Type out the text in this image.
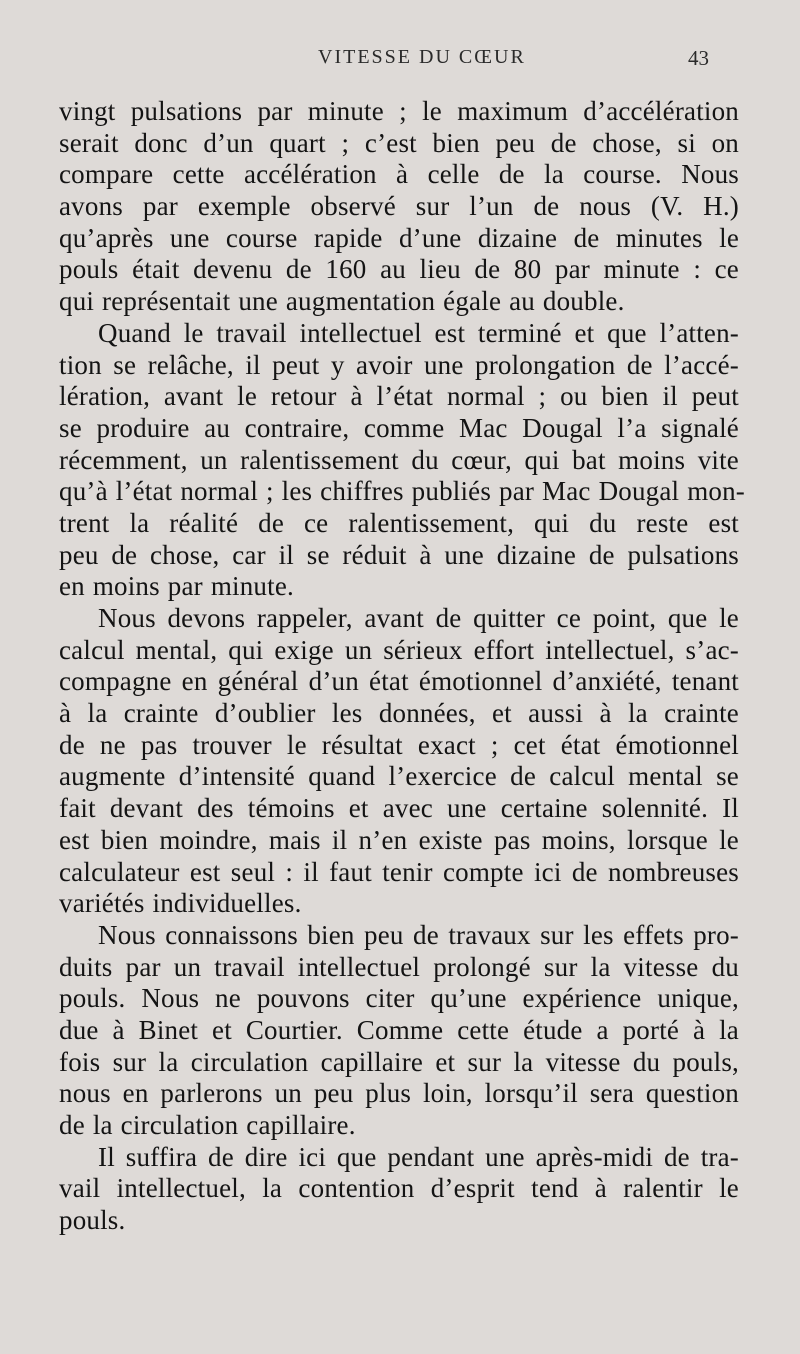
VITESSE DU CŒUR	43
vingt pulsations par minute ; le maximum d’accélération
serait donc d’un quart ; c’est bien peu de chose, si on
compare cette accélération à celle de la course. Nous
avons par exemple observé sur l’un de nous (V. H.)
qu’après une course rapide d’une dizaine de minutes le
pouls était devenu de 160 au lieu de 80 par minute : ce
qui représentait une augmentation égale au double.
Quand le travail intellectuel est terminé et que l’atten-
tion se relâche, il peut y avoir une prolongation de l’accé-
lération, avant le retour à l’état normal ; ou bien il peut
se produire au contraire, comme Mac Dougal l’a signalé
récemment, un ralentissement du cœur, qui bat moins vite
qu’à l’état normal ; les chiffres publiés par Mac Dougal mon-
trent la réalité de ce ralentissement, qui du reste est
peu de chose, car il se réduit à une dizaine de pulsations
en moins par minute.
Nous devons rappeler, avant de quitter ce point, que le
calcul mental, qui exige un sérieux effort intellectuel, s’ac-
compagne en général d’un état émotionnel d’anxiété, tenant
à la crainte d’oublier les données, et aussi à la crainte
de ne pas trouver le résultat exact ; cet état émotionnel
augmente d’intensité quand l’exercice de calcul mental se
fait devant des témoins et avec une certaine solennité. Il
est bien moindre, mais il n’en existe pas moins, lorsque le
calculateur est seul : il faut tenir compte ici de nombreuses
variétés individuelles.
Nous connaissons bien peu de travaux sur les effets pro-
duits par un travail intellectuel prolongé sur la vitesse du
pouls. Nous ne pouvons citer qu’une expérience unique,
due à Binet et Courtier. Comme cette étude a porté à la
fois sur la circulation capillaire et sur la vitesse du pouls,
nous en parlerons un peu plus loin, lorsqu’il sera question
de la circulation capillaire.
Il suffira de dire ici que pendant une après-midi de tra-
vail intellectuel, la contention d’esprit tend à ralentir le
pouls.
